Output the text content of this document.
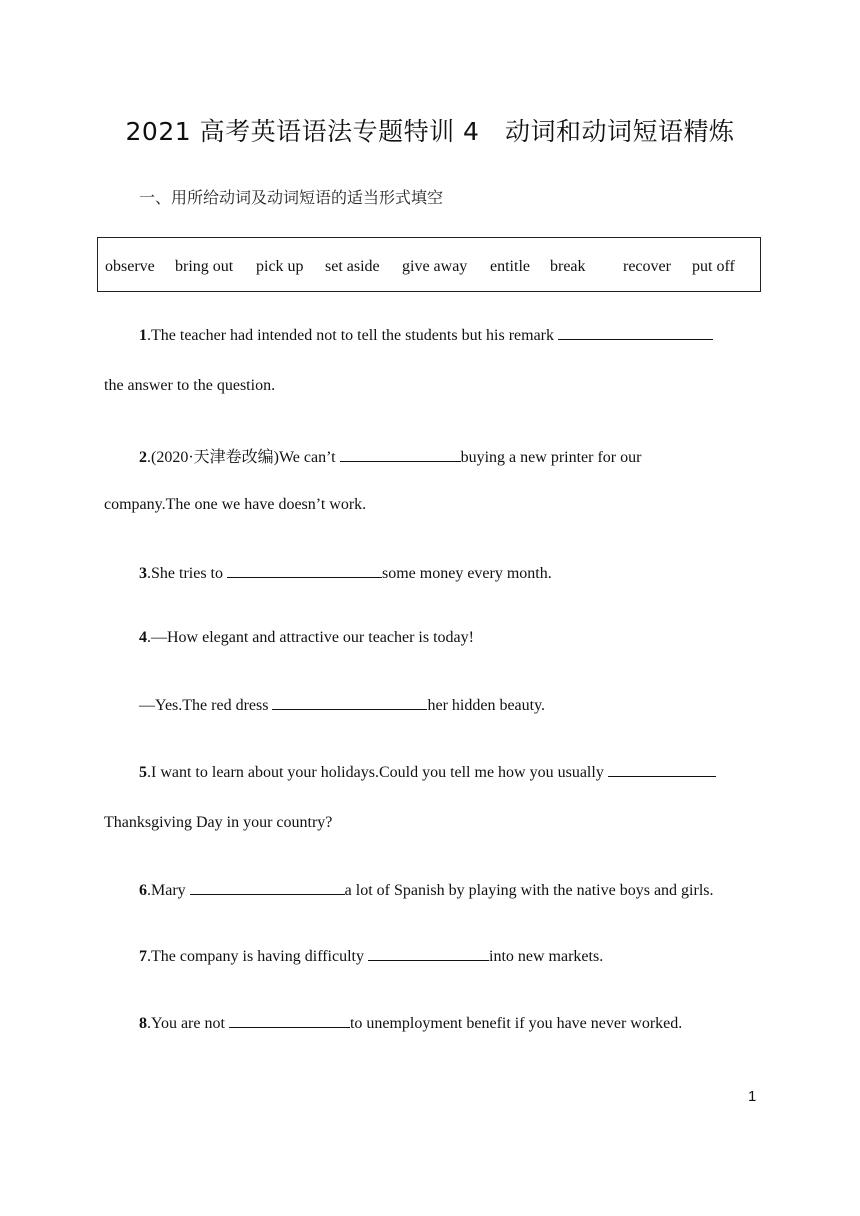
2021 高考英语语法专题特训 4　动词和动词短语精炼
一、用所给动词及动词短语的适当形式填空
observe bring out pick up set aside give away entitle break recover put off
1.The teacher had intended not to tell the students but his remark
the answer to the question.
2.(2020·天津卷改编)We can’t	buying a new printer for our
company.The one we have doesn’t work.
3.She tries to	some money every month.
4.—How elegant and attractive our teacher is today!
—Yes.The red dress	her hidden beauty.
5.I want to learn about your holidays.Could you tell me how you usually
Thanksgiving Day in your country?
6.Mary	a lot of Spanish by playing with the native boys and girls.
7.The company is having difficulty	into new markets.
8.You are not	to unemployment benefit if you have never worked.
1
